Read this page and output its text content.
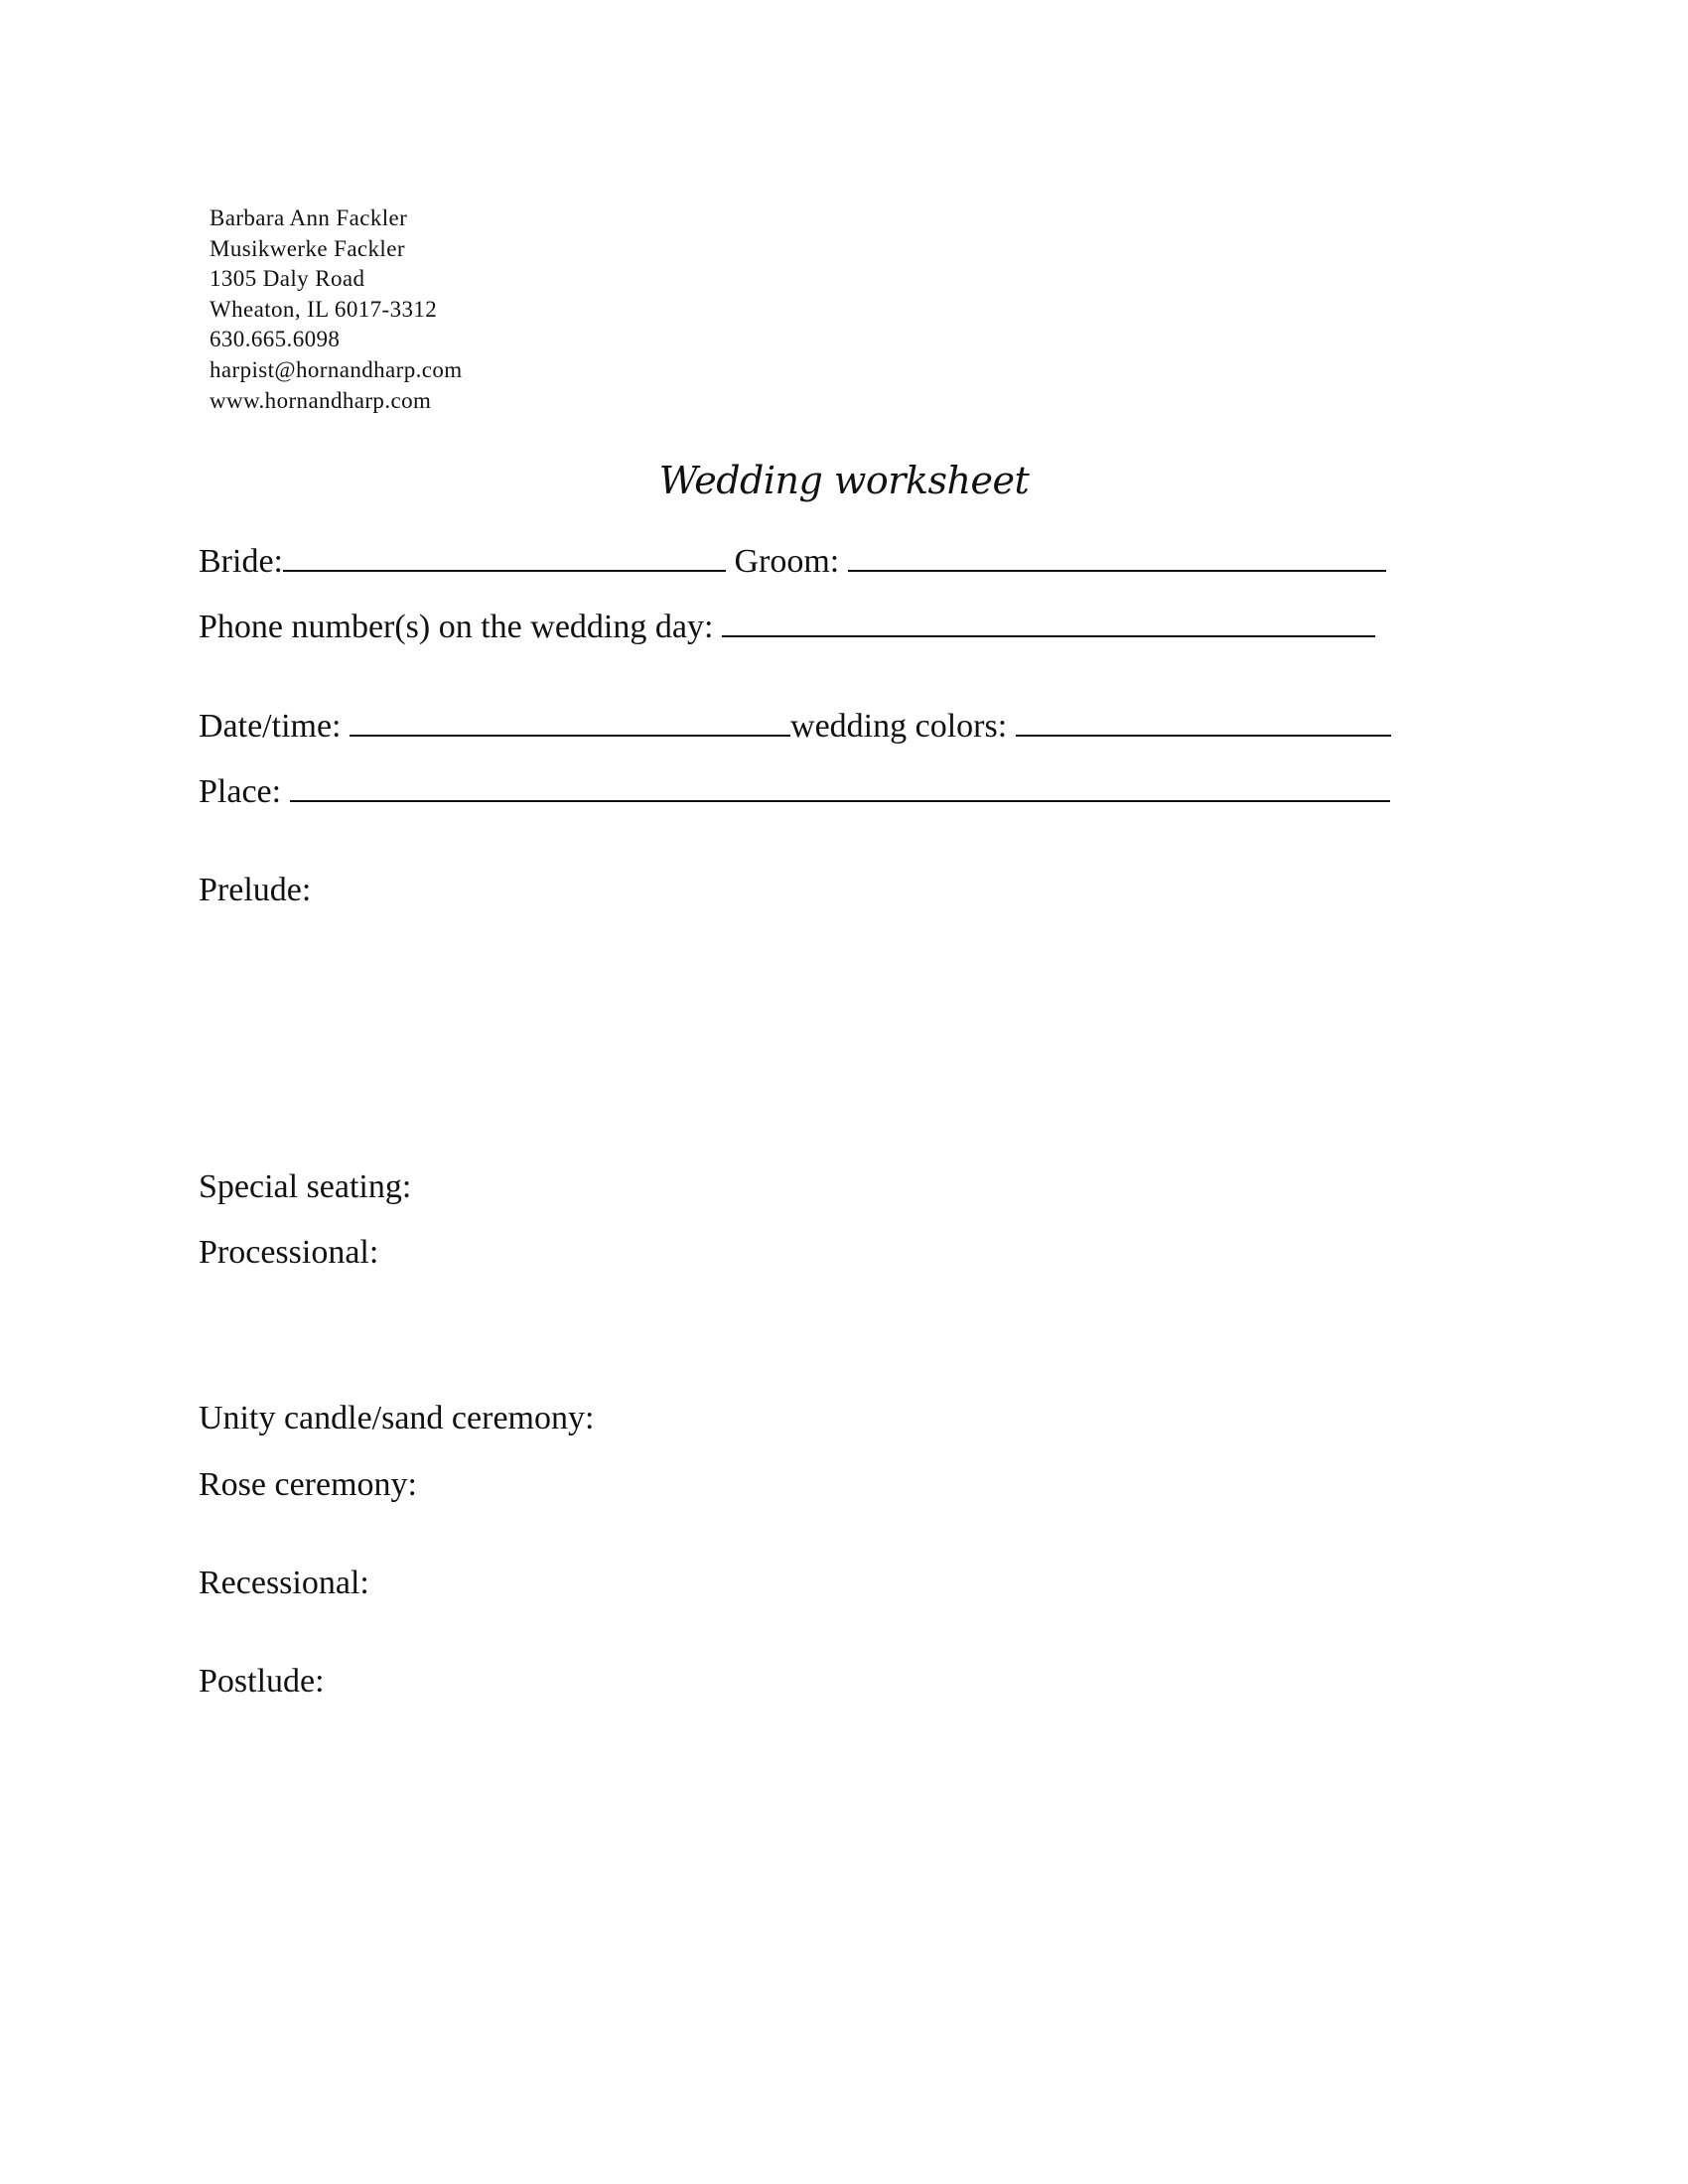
Barbara Ann Fackler
Musikwerke Fackler
1305 Daly Road
Wheaton, IL 6017-3312
630.665.6098
harpist@hornandharp.com
www.hornandharp.com
Wedding worksheet
Bride:	Groom:
Phone number(s) on the wedding day:
Date/time:	wedding colors:
Place:
Prelude:
Special seating:
Processional:
Unity candle/sand ceremony:
Rose ceremony:
Recessional:
Postlude:
